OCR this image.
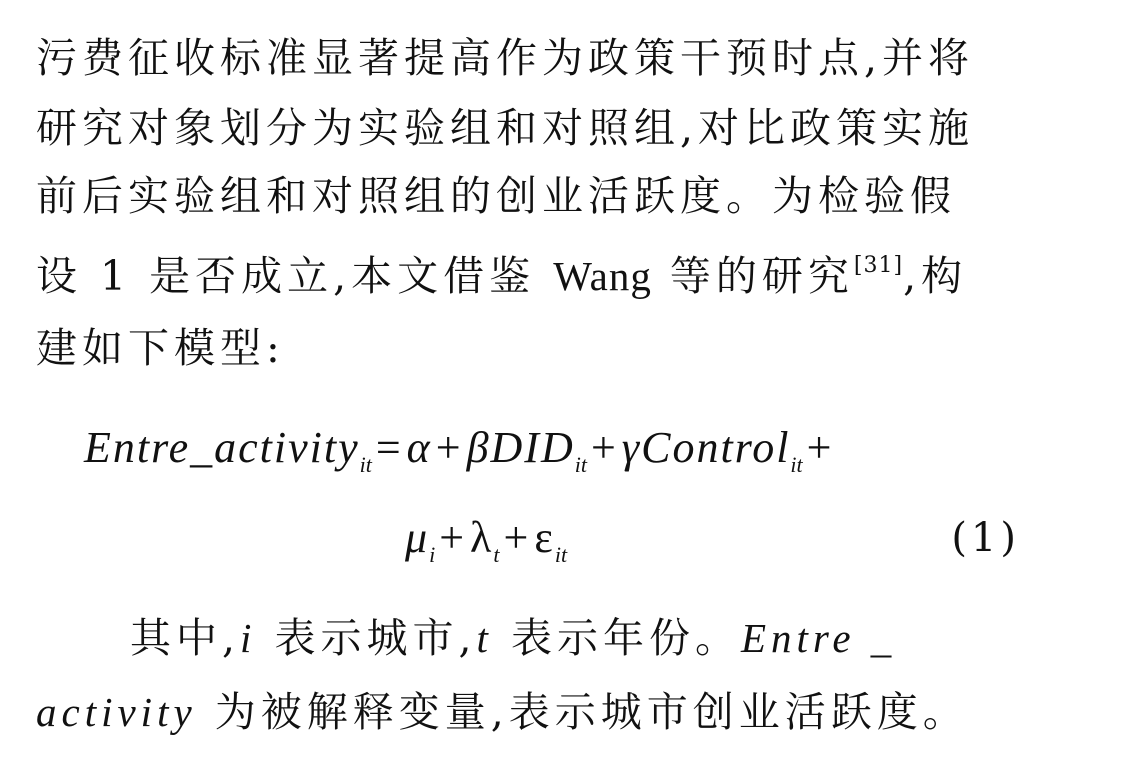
污费征收标准显著提高作为政策干预时点,并将
研究对象划分为实验组和对照组,对比政策实施
前后实验组和对照组的创业活跃度。为检验假
设 1 是否成立,本文借鉴 Wang 等的研究[31],构
建如下模型:
Entre_activity$_{it}$=α+βDID$_{it}$+γControl$_{it}$+
$\mu_i+\lambda_t+\varepsilon_{it}$	(1)
其中,i 表示城市,t 表示年份。Entre _
activity 为被解释变量,表示城市创业活跃度。
